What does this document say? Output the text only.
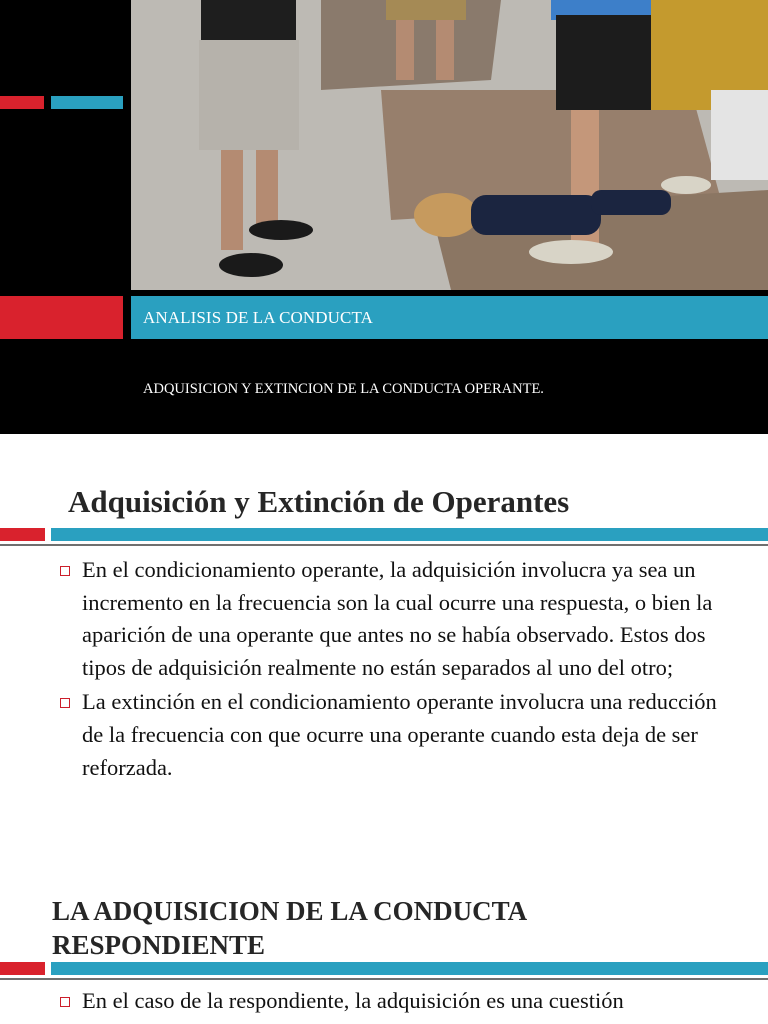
ANALISIS DE LA CONDUCTA
ADQUISICION Y EXTINCION DE LA CONDUCTA OPERANTE.
Adquisición y Extinción de Operantes
En el condicionamiento operante, la adquisición involucra ya sea un incremento en la frecuencia son la cual ocurre una respuesta, o bien la aparición de una operante que antes no se había observado. Estos dos tipos de adquisición realmente no están separados al uno del otro;
La extinción en el condicionamiento operante involucra una reducción de la frecuencia con que ocurre una operante cuando esta deja de ser reforzada.
LA ADQUISICION DE LA CONDUCTA RESPONDIENTE
En el caso de la respondiente, la adquisición es una cuestión
